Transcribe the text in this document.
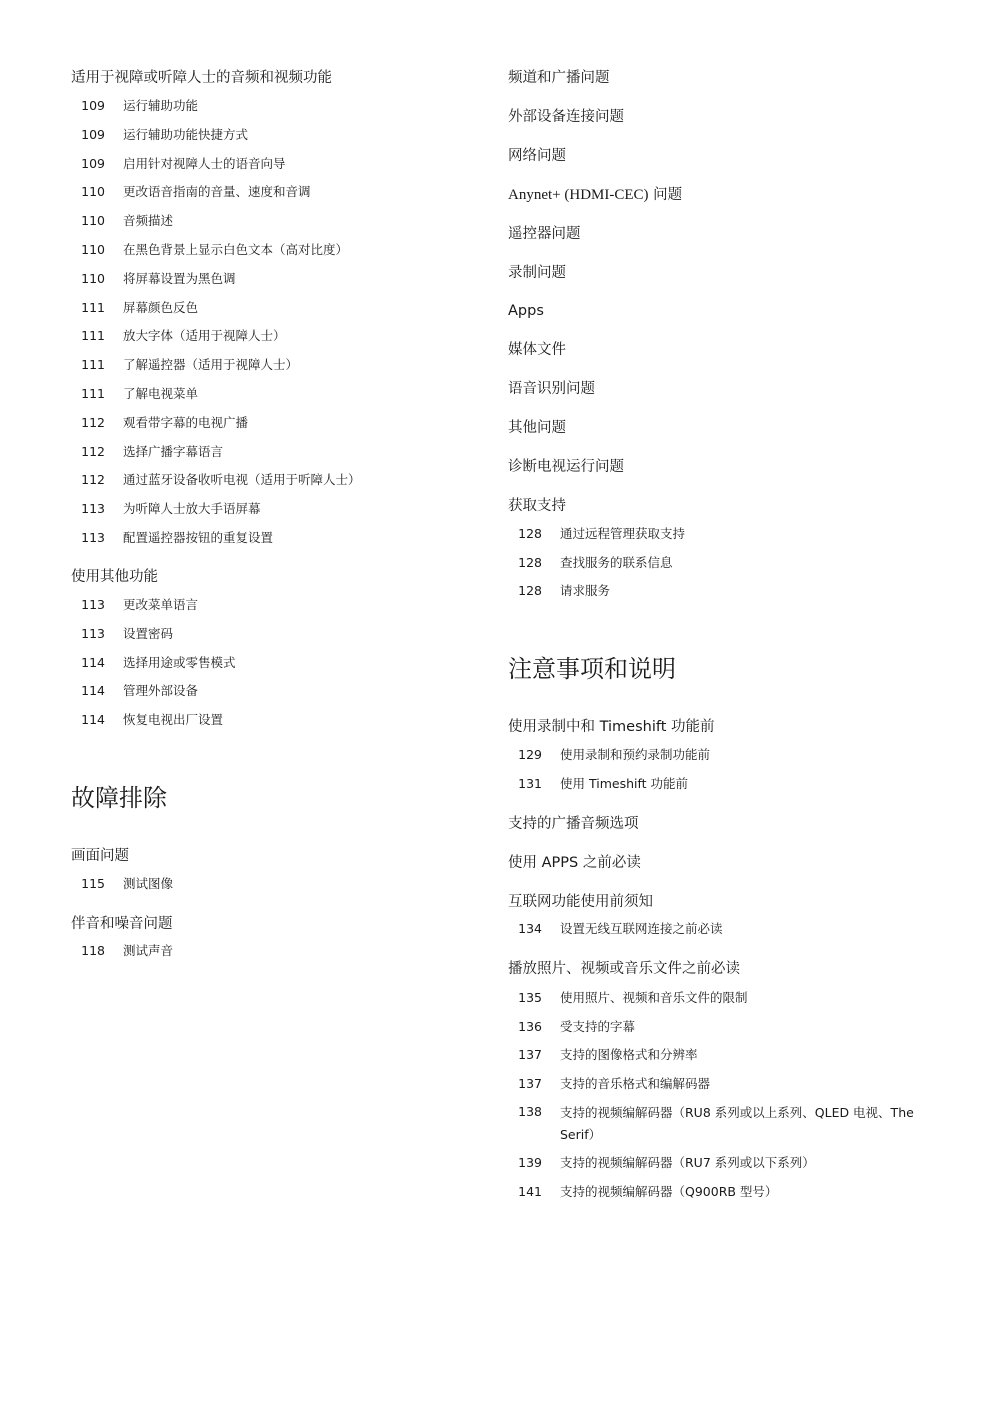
适用于视障或听障人士的音频和视频功能
109 运行辅助功能
109 运行辅助功能快捷方式
109 启用针对视障人士的语音向导
110 更改语音指南的音量、速度和音调
110 音频描述
110 在黑色背景上显示白色文本（高对比度）
110 将屏幕设置为黑色调
111 屏幕颜色反色
111 放大字体（适用于视障人士）
111 了解遥控器（适用于视障人士）
111 了解电视菜单
112 观看带字幕的电视广播
112 选择广播字幕语言
112 通过蓝牙设备收听电视（适用于听障人士）
113 为听障人士放大手语屏幕
113 配置遥控器按钮的重复设置
使用其他功能
113 更改菜单语言
113 设置密码
114 选择用途或零售模式
114 管理外部设备
114 恢复电视出厂设置
故障排除
画面问题
115 测试图像
伴音和噪音问题
118 测试声音
频道和广播问题
外部设备连接问题
网络问题
Anynet+ (HDMI-CEC) 问题
遥控器问题
录制问题
Apps
媒体文件
语音识别问题
其他问题
诊断电视运行问题
获取支持
128 通过远程管理获取支持
128 查找服务的联系信息
128 请求服务
注意事项和说明
使用录制中和 Timeshift 功能前
129 使用录制和预约录制功能前
131 使用 Timeshift 功能前
支持的广播音频选项
使用 APPS 之前必读
互联网功能使用前须知
134 设置无线互联网连接之前必读
播放照片、视频或音乐文件之前必读
135 使用照片、视频和音乐文件的限制
136 受支持的字幕
137 支持的图像格式和分辨率
137 支持的音乐格式和编解码器
138 支持的视频编解码器（RU8 系列或以上系列、QLED 电视、The Serif）
139 支持的视频编解码器（RU7 系列或以下系列）
141 支持的视频编解码器（Q900RB 型号）
